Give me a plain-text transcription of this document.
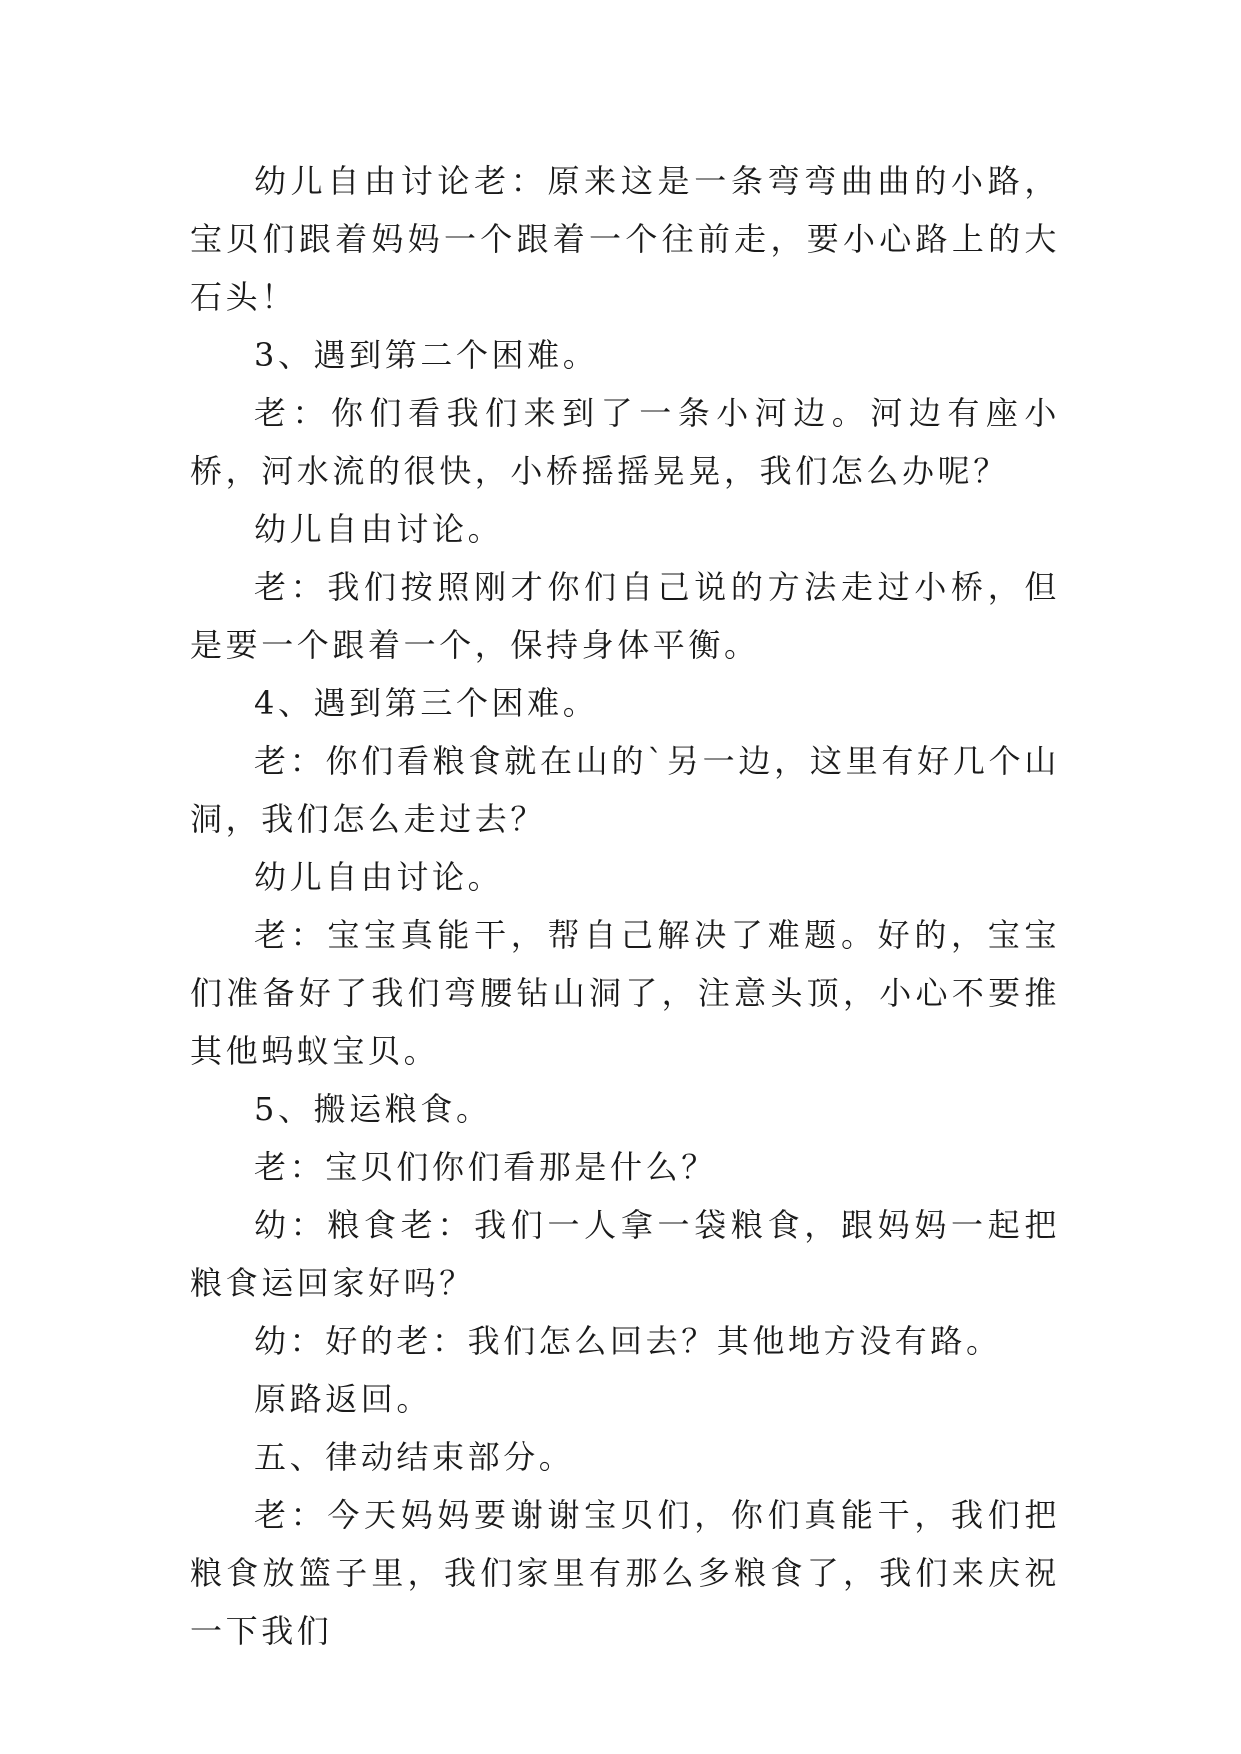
幼儿自由讨论老：原来这是一条弯弯曲曲的小路，宝贝们跟着妈妈一个跟着一个往前走，要小心路上的大石头！

3、遇到第二个困难。

老：你们看我们来到了一条小河边。河边有座小桥，河水流的很快，小桥摇摇晃晃，我们怎么办呢？

幼儿自由讨论。

老：我们按照刚才你们自己说的方法走过小桥，但是要一个跟着一个，保持身体平衡。

4、遇到第三个困难。

老：你们看粮食就在山的`另一边，这里有好几个山洞，我们怎么走过去？

幼儿自由讨论。

老：宝宝真能干，帮自己解决了难题。好的，宝宝们准备好了我们弯腰钻山洞了，注意头顶，小心不要推其他蚂蚁宝贝。

5、搬运粮食。

老：宝贝们你们看那是什么？

幼：粮食老：我们一人拿一袋粮食，跟妈妈一起把粮食运回家好吗？

幼：好的老：我们怎么回去？其他地方没有路。

原路返回。

五、律动结束部分。

老：今天妈妈要谢谢宝贝们，你们真能干，我们把粮食放篮子里，我们家里有那么多粮食了，我们来庆祝一下我们
